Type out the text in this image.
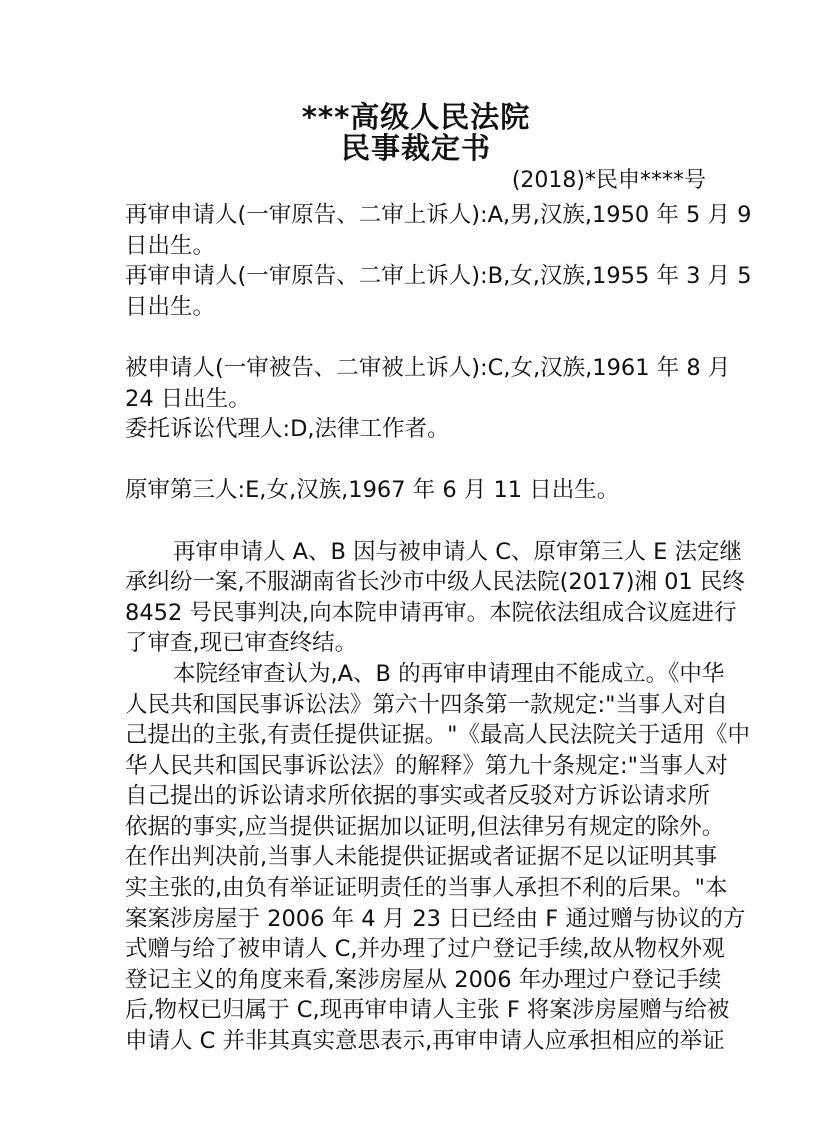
***高级人民法院
民事裁定书
(2018)*民申****号
再审申请人(一审原告、二审上诉人):A,男,汉族,1950 年 5 月 9
日出生。
再审申请人(一审原告、二审上诉人):B,女,汉族,1955 年 3 月 5
日出生。
被申请人(一审被告、二审被上诉人):C,女,汉族,1961 年 8 月
24 日出生。
委托诉讼代理人:D,法律工作者。
原审第三人:E,女,汉族,1967 年 6 月 11 日出生。
再审申请人 A、B 因与被申请人 C、原审第三人 E 法定继
承纠纷一案,不服湖南省长沙市中级人民法院(2017)湘 01 民终
8452 号民事判决,向本院申请再审。本院依法组成合议庭进行
了审查,现已审查终结。
本院经审查认为,A、B 的再审申请理由不能成立。《中华
人民共和国民事诉讼法》第六十四条第一款规定:"当事人对自
己提出的主张,有责任提供证据。"《最高人民法院关于适用《中
华人民共和国民事诉讼法》的解释》第九十条规定:"当事人对
自己提出的诉讼请求所依据的事实或者反驳对方诉讼请求所
依据的事实,应当提供证据加以证明,但法律另有规定的除外。
在作出判决前,当事人未能提供证据或者证据不足以证明其事
实主张的,由负有举证证明责任的当事人承担不利的后果。"本
案案涉房屋于 2006 年 4 月 23 日已经由 F 通过赠与协议的方
式赠与给了被申请人 C,并办理了过户登记手续,故从物权外观
登记主义的角度来看,案涉房屋从 2006 年办理过户登记手续
后,物权已归属于 C,现再审申请人主张 F 将案涉房屋赠与给被
申请人 C 并非其真实意思表示,再审申请人应承担相应的举证
